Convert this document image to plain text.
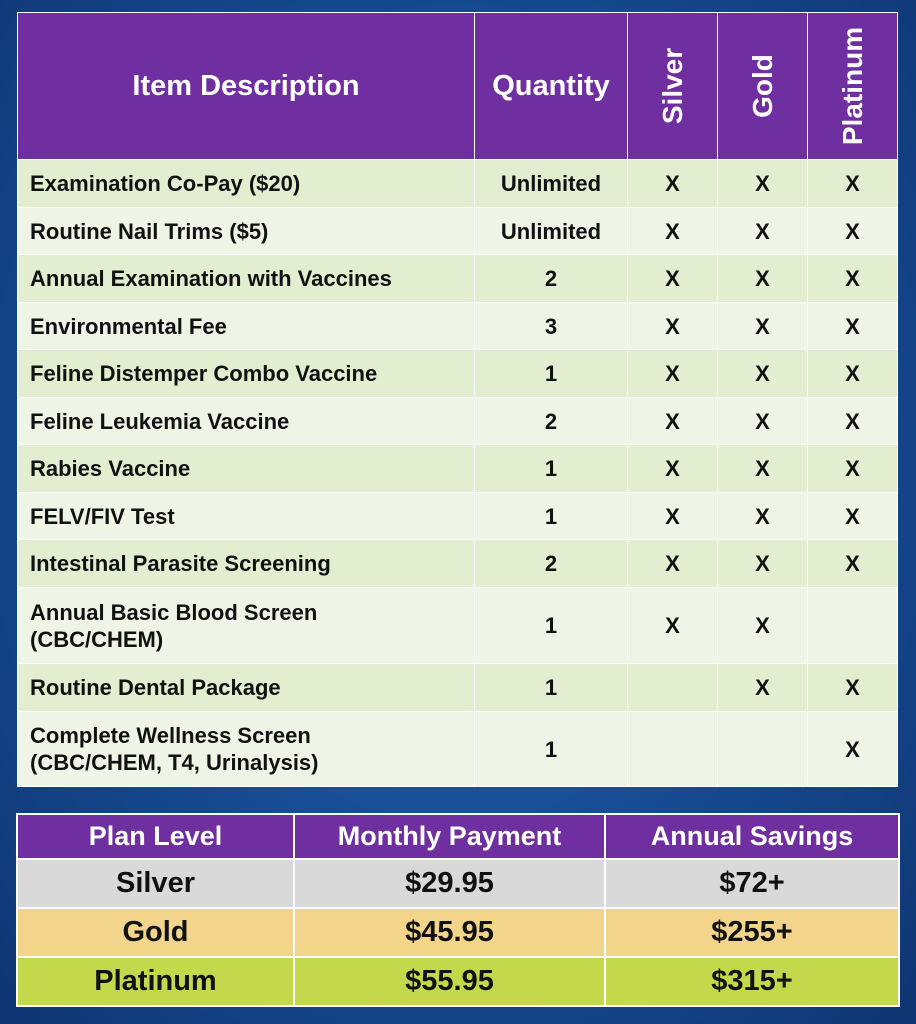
Item Description	Quantity	Silver	Gold	Platinum

Examination Co-Pay ($20)	Unlimited	X	X	X
Routine Nail Trims ($5)	Unlimited	X	X	X
Annual Examination with Vaccines	2	X	X	X
Environmental Fee	3	X	X	X
Feline Distemper Combo Vaccine	1	X	X	X
Feline Leukemia Vaccine	2	X	X	X
Rabies Vaccine	1	X	X	X
FELV/FIV Test	1	X	X	X
Intestinal Parasite Screening	2	X	X	X

Annual Basic Blood Screen
(CBC/CHEM)	1	X	X	
Routine Dental Package	1		X	X

Complete Wellness Screen
(CBC/CHEM, T4, Urinalysis)	1			X
Plan Level	Monthly Payment	Annual Savings
Silver	$29.95	$72+
Gold	$45.95	$255+
Platinum	$55.95	$315+
